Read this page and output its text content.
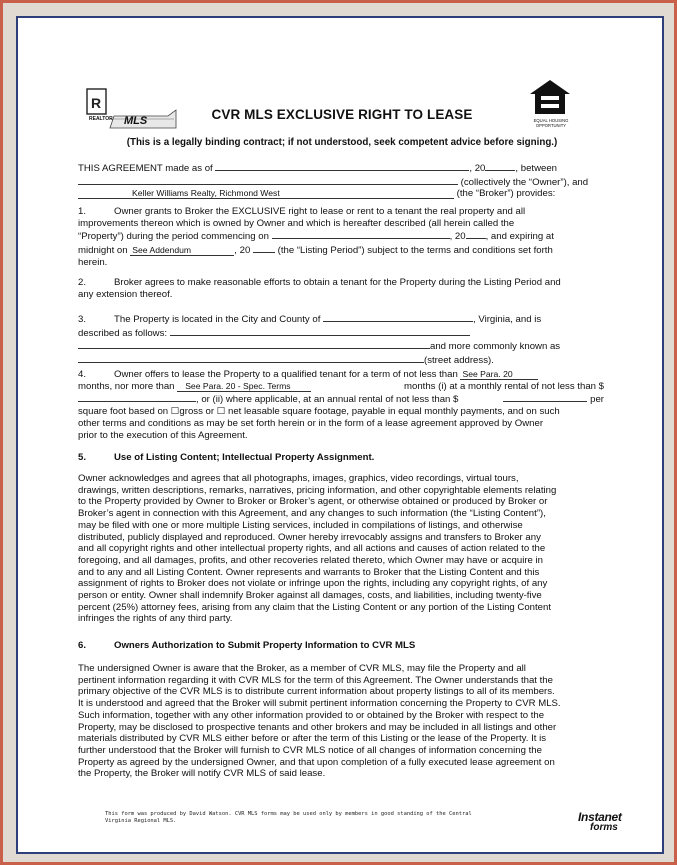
R
REALTOR MLS	EQUAL HOUSING OPPORTUNITY
CVR MLS EXCLUSIVE RIGHT TO LEASE
(This is a legally binding contract; if not understood, seek competent advice before signing.)
THIS AGREEMENT made as of	, 20	, between
(collectively the “Owner”), and
Keller Williams Realty, Richmond West	(the “Broker”) provides:
1.	Owner grants to Broker the EXCLUSIVE right to lease or rent to a tenant the real property and all
improvements thereon which is owned by Owner and which is hereafter described (all herein called the
“Property”) during the period commencing on	, 20 , and expiring at
midnight on See Addendum	, 20	(the “Listing Period”) subject to the terms and conditions set forth
herein.
2.	Broker agrees to make reasonable efforts to obtain a tenant for the Property during the Listing Period and
any extension thereof.
3.	The Property is located in the City and County of	, Virginia, and is
described as follows:
and more commonly known as
(street address).
4.	Owner offers to lease the Property to a qualified tenant for a term of not less than See Para. 20
months, nor more than See Para. 20 - Spec. Terms	months (i) at a monthly rental of not less than $
, or (ii) where applicable, at an annual rental of not less than $	per
square foot based on ☐gross or ☐ net leasable square footage, payable in equal monthly payments, and on such
other terms and conditions as may be set forth herein or in the form of a lease agreement approved by Owner
prior to the execution of this Agreement.
5.	Use of Listing Content; Intellectual Property Assignment.
Owner acknowledges and agrees that all photographs, images, graphics, video recordings, virtual tours,
drawings, written descriptions, remarks, narratives, pricing information, and other copyrightable elements relating
to the Property provided by Owner to Broker or Broker’s agent, or otherwise obtained or produced by Broker or
Broker’s agent in connection with this Agreement, and any changes to such information (the “Listing Content”),
may be filed with one or more multiple Listing services, included in compilations of listings, and otherwise
distributed, publicly displayed and reproduced. Owner hereby irrevocably assigns and transfers to Broker any
and all copyright rights and other intellectual property rights, and all actions and causes of action related to the
foregoing, and all damages, profits, and other recoveries related thereto, which Owner may have or acquire in
and to any and all Listing Content. Owner represents and warrants to Broker that the Listing Content and this
assignment of rights to Broker does not violate or infringe upon the rights, including any copyright rights, of any
person or entity. Owner shall indemnify Broker against all damages, costs, and liabilities, including twenty-five
percent (25%) attorney fees, arising from any claim that the Listing Content or any portion of the Listing Content
infringes the rights of any third party.
6.	Owners Authorization to Submit Property Information to CVR MLS
The undersigned Owner is aware that the Broker, as a member of CVR MLS, may file the Property and all
pertinent information regarding it with CVR MLS for the term of this Agreement. The Owner understands that the
primary objective of the CVR MLS is to distribute current information about property listings to all of its members.
It is understood and agreed that the Broker will submit pertinent information concerning the Property to CVR MLS.
Such information, together with any other information provided to or obtained by the Broker with respect to the
Property, may be disclosed to prospective tenants and other brokers and may be included in all listings and other
materials distributed by CVR MLS either before or after the term of this Listing or the lease of the Property. It is
further understood that the Broker will furnish to CVR MLS notice of all changes of information concerning the
Property as agreed by the undersigned Owner, and that upon completion of a fully executed lease agreement on
the Property, the Broker will notify CVR MLS of said lease.
This form was produced by David Watson. CVR MLS forms may be used only by members in good standing of the Central
Virginia Regional MLS.	Instanet
forms
